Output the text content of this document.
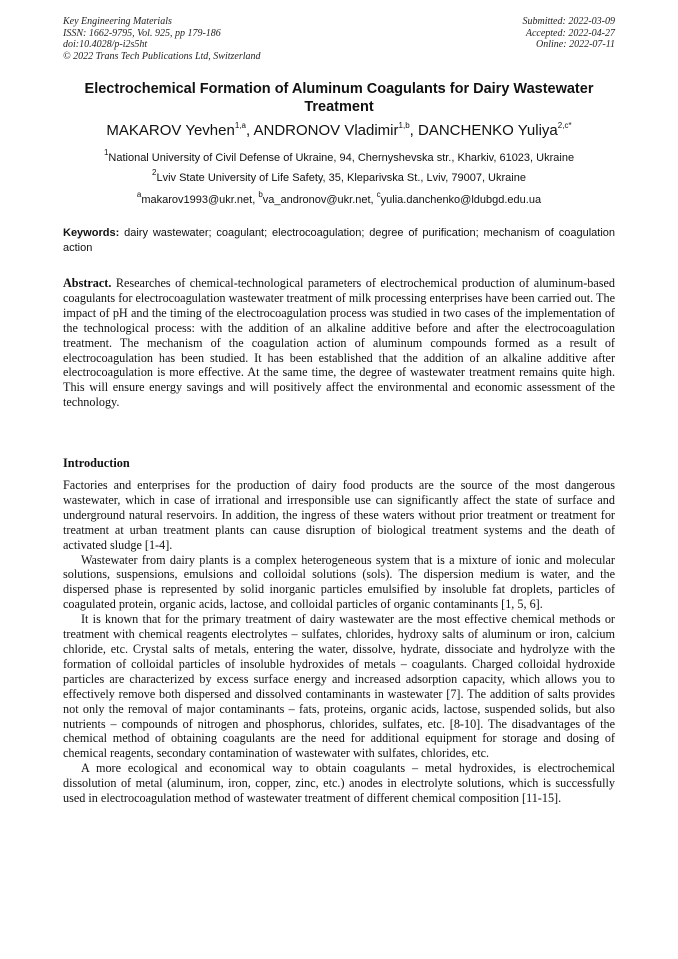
Key Engineering Materials
ISSN: 1662-9795, Vol. 925, pp 179-186
doi:10.4028/p-i2s5ht
© 2022 Trans Tech Publications Ltd, Switzerland
Submitted: 2022-03-09
Accepted: 2022-04-27
Online: 2022-07-11
Electrochemical Formation of Aluminum Coagulants for Dairy Wastewater Treatment
MAKAROV Yevhen$^{1,a}$, ANDRONOV Vladimir$^{1,b}$, DANCHENKO Yuliya$^{2,c*}$
$^1$National University of Civil Defense of Ukraine, 94, Chernyshevska str., Kharkiv, 61023, Ukraine
$^2$Lviv State University of Life Safety, 35, Kleparivska St., Lviv, 79007, Ukraine
$^a$makarov1993@ukr.net, $^b$va_andronov@ukr.net, $^c$yulia.danchenko@ldubgd.edu.ua
Keywords: dairy wastewater; coagulant; electrocoagulation; degree of purification; mechanism of coagulation action
Abstract. Researches of chemical-technological parameters of electrochemical production of aluminum-based coagulants for electrocoagulation wastewater treatment of milk processing enterprises have been carried out. The impact of pH and the timing of the electrocoagulation process was studied in two cases of the implementation of the technological process: with the addition of an alkaline additive before and after the electrocoagulation treatment. The mechanism of the coagulation action of aluminum compounds formed as a result of electrocoagulation has been studied. It has been established that the addition of an alkaline additive after electrocoagulation is more effective. At the same time, the degree of wastewater treatment remains quite high. This will ensure energy savings and will positively affect the environmental and economic assessment of the technology.
Introduction

Factories and enterprises for the production of dairy food products are the source of the most dangerous wastewater, which in case of irrational and irresponsible use can significantly affect the state of surface and underground natural reservoirs. In addition, the ingress of these waters without prior treatment or treatment for treatment at urban treatment plants can cause disruption of biological treatment systems and the death of activated sludge [1-4].

Wastewater from dairy plants is a complex heterogeneous system that is a mixture of ionic and molecular solutions, suspensions, emulsions and colloidal solutions (sols). The dispersion medium is water, and the dispersed phase is represented by solid inorganic particles emulsified by insoluble fat droplets, particles of coagulated protein, organic acids, lactose, and colloidal particles of organic contaminants [1, 5, 6].

It is known that for the primary treatment of dairy wastewater are the most effective chemical methods or treatment with chemical reagents electrolytes – sulfates, chlorides, hydroxy salts of aluminum or iron, calcium chloride, etc. Crystal salts of metals, entering the water, dissolve, hydrate, dissociate and hydrolyze with the formation of colloidal particles of insoluble hydroxides of metals – coagulants. Charged colloidal hydroxide particles are characterized by excess surface energy and increased adsorption capacity, which allows you to effectively remove both dispersed and dissolved contaminants in wastewater [7]. The addition of salts provides not only the removal of major contaminants – fats, proteins, organic acids, lactose, suspended solids, but also nutrients – compounds of nitrogen and phosphorus, chlorides, sulfates, etc. [8-10]. The disadvantages of the chemical method of obtaining coagulants are the need for additional equipment for storage and dosing of chemical reagents, secondary contamination of wastewater with sulfates, chlorides, etc.

A more ecological and economical way to obtain coagulants – metal hydroxides, is electrochemical dissolution of metal (aluminum, iron, copper, zinc, etc.) anodes in electrolyte solutions, which is successfully used in electrocoagulation method of wastewater treatment of different chemical composition [11-15].
